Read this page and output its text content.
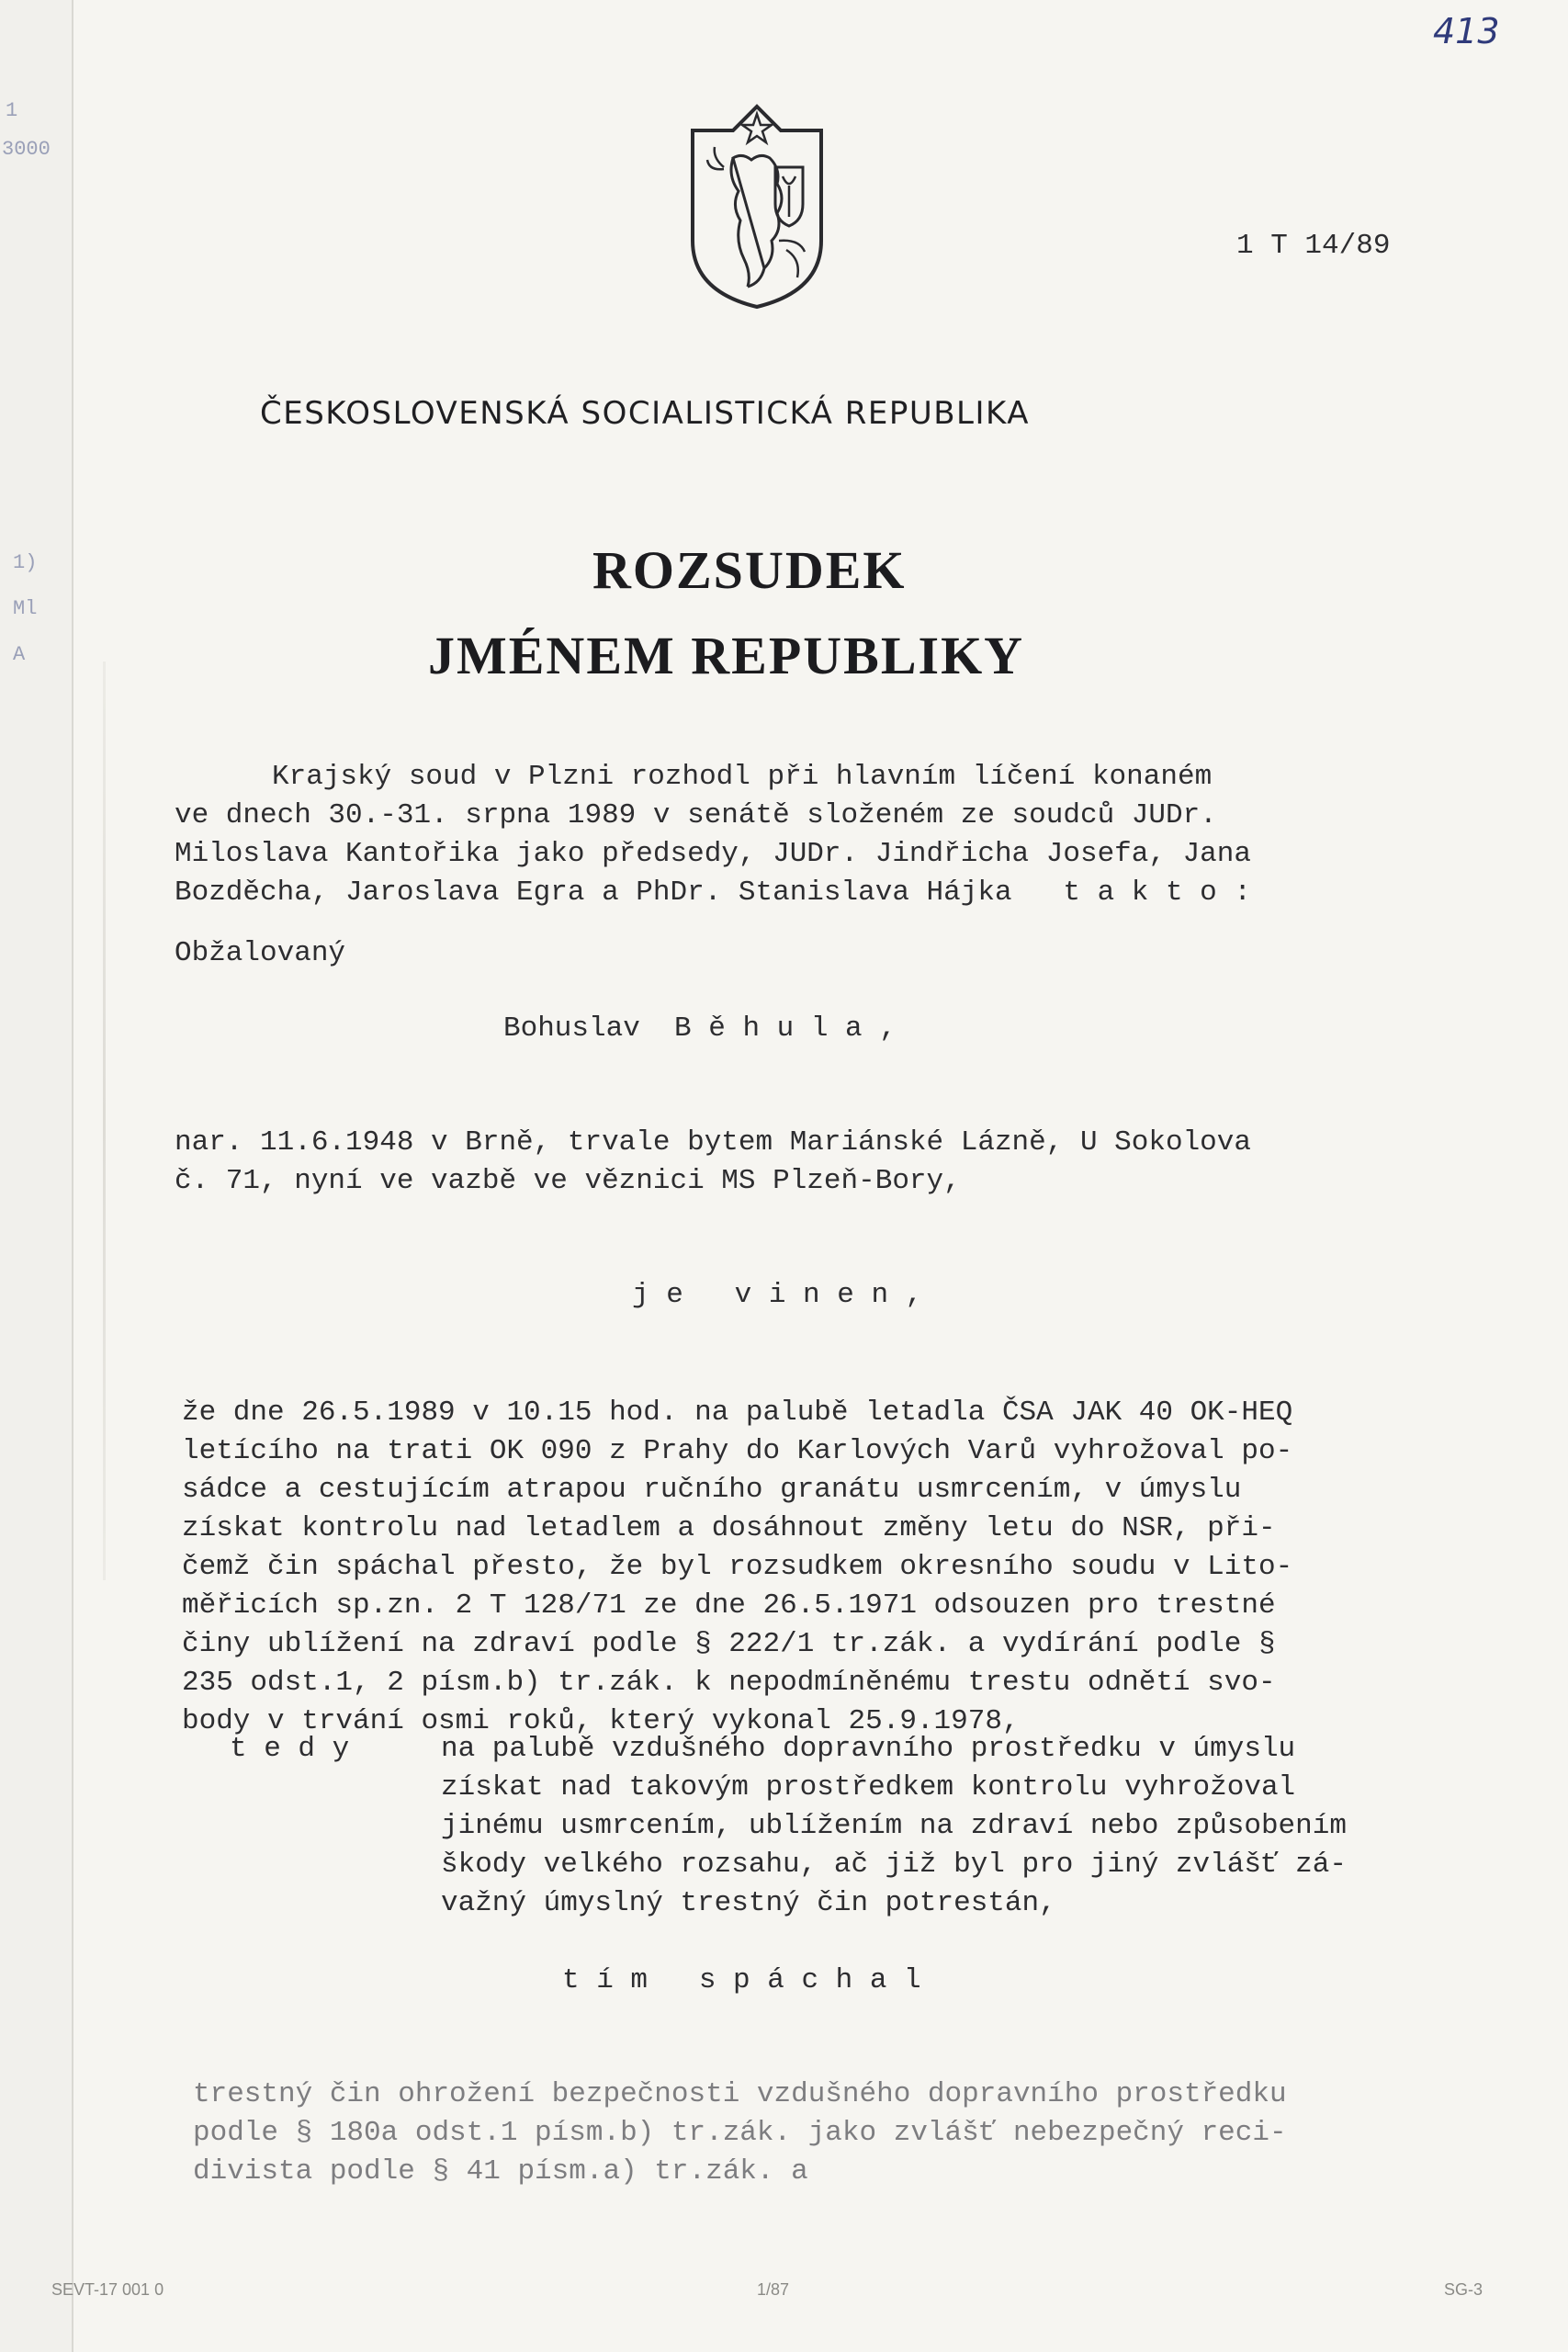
1
3000
1)
Ml
A
413
1 T 14/89
ČESKOSLOVENSKÁ SOCIALISTICKÁ REPUBLIKA
ROZSUDEK
JMÉNEM REPUBLIKY
Krajský soud v Plzni rozhodl při hlavním líčení konaném
ve dnech 30.-31. srpna 1989 v senátě složeném ze soudců JUDr.
Miloslava Kantořika jako předsedy, JUDr. Jindřicha Josefa, Jana
Bozděcha, Jaroslava Egra a PhDr. Stanislava Hájka   t a k t o :
Obžalovaný
Bohuslav  B ě h u l a ,
nar. 11.6.1948 v Brně, trvale bytem Mariánské Lázně, U Sokolova
č. 71, nyní ve vazbě ve věznici MS Plzeň-Bory,
j e   v i n e n ,
že dne 26.5.1989 v 10.15 hod. na palubě letadla ČSA JAK 40 OK-HEQ
letícího na trati OK 090 z Prahy do Karlových Varů vyhrožoval po-
sádce a cestujícím atrapou ručního granátu usmrcením, v úmyslu
získat kontrolu nad letadlem a dosáhnout změny letu do NSR, při-
čemž čin spáchal přesto, že byl rozsudkem okresního soudu v Lito-
měřicích sp.zn. 2 T 128/71 ze dne 26.5.1971 odsouzen pro trestné
činy ublížení na zdraví podle § 222/1 tr.zák. a vydírání podle §
235 odst.1, 2 písm.b) tr.zák. k nepodmíněnému trestu odnětí svo-
body v trvání osmi roků, který vykonal 25.9.1978,
t e d y	na palubě vzdušného dopravního prostředku v úmyslu
získat nad takovým prostředkem kontrolu vyhrožoval
jinému usmrcením, ublížením na zdraví nebo způsobením
škody velkého rozsahu, ač již byl pro jiný zvlášť zá-
važný úmyslný trestný čin potrestán,
t í m   s p á c h a l
trestný čin ohrožení bezpečnosti vzdušného dopravního prostředku
podle § 180a odst.1 písm.b) tr.zák. jako zvlášť nebezpečný reci-
divista podle § 41 písm.a) tr.zák. a
SEVT-17 001 0	1/87	SG-3
